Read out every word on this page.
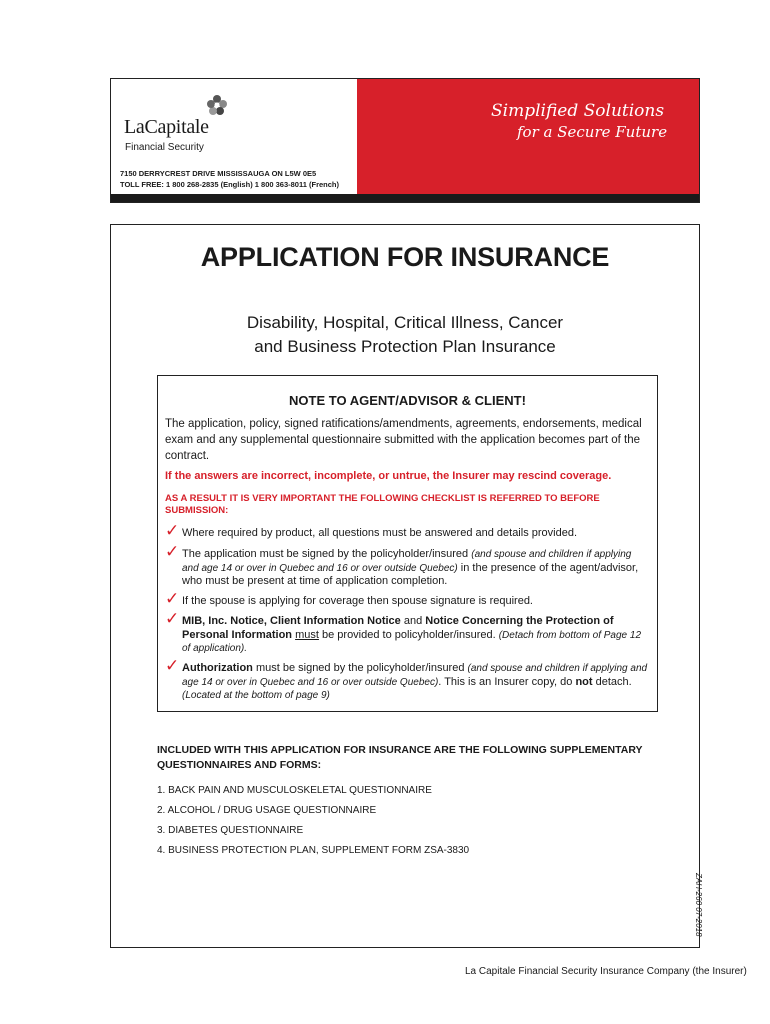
LaCapitale
Financial Security
7150 DERRYCREST DRIVE MISSISSAUGA ON L5W 0E5
TOLL FREE: 1 800 268-2835 (English) 1 800 363-8011 (French)
Simplified Solutions
for a Secure Future
APPLICATION FOR INSURANCE
Disability, Hospital, Critical Illness, Cancer
and Business Protection Plan Insurance
NOTE TO AGENT/ADVISOR & CLIENT!
The application, policy, signed ratifications/amendments, agreements, endorsements, medical exam and any supplemental questionnaire submitted with the application becomes part of the contract.
If the answers are incorrect, incomplete, or untrue, the Insurer may rescind coverage.
AS A RESULT IT IS VERY IMPORTANT THE FOLLOWING CHECKLIST IS REFERRED TO BEFORE SUBMISSION:
✓ Where required by product, all questions must be answered and details provided.
✓ The application must be signed by the policyholder/insured (and spouse and children if applying and age 14 or over in Quebec and 16 or over outside Quebec) in the presence of the agent/advisor, who must be present at time of application completion.
✓ If the spouse is applying for coverage then spouse signature is required.
✓ MIB, Inc. Notice, Client Information Notice and Notice Concerning the Protection of Personal Information must be provided to policyholder/insured. (Detach from bottom of Page 12 of application).
✓ Authorization must be signed by the policyholder/insured (and spouse and children if applying and age 14 or over in Quebec and 16 or over outside Quebec). This is an Insurer copy, do not detach. (Located at the bottom of page 9)
INCLUDED WITH THIS APPLICATION FOR INSURANCE ARE THE FOLLOWING SUPPLEMENTARY QUESTIONNAIRES AND FORMS:
1. BACK PAIN AND MUSCULOSKELETAL QUESTIONNAIRE
2. ALCOHOL / DRUG USAGE QUESTIONNAIRE
3. DIABETES QUESTIONNAIRE
4. BUSINESS PROTECTION PLAN, SUPPLEMENT FORM ZSA-3830
ZAH-260 07-2018
La Capitale Financial Security Insurance Company (the Insurer)
